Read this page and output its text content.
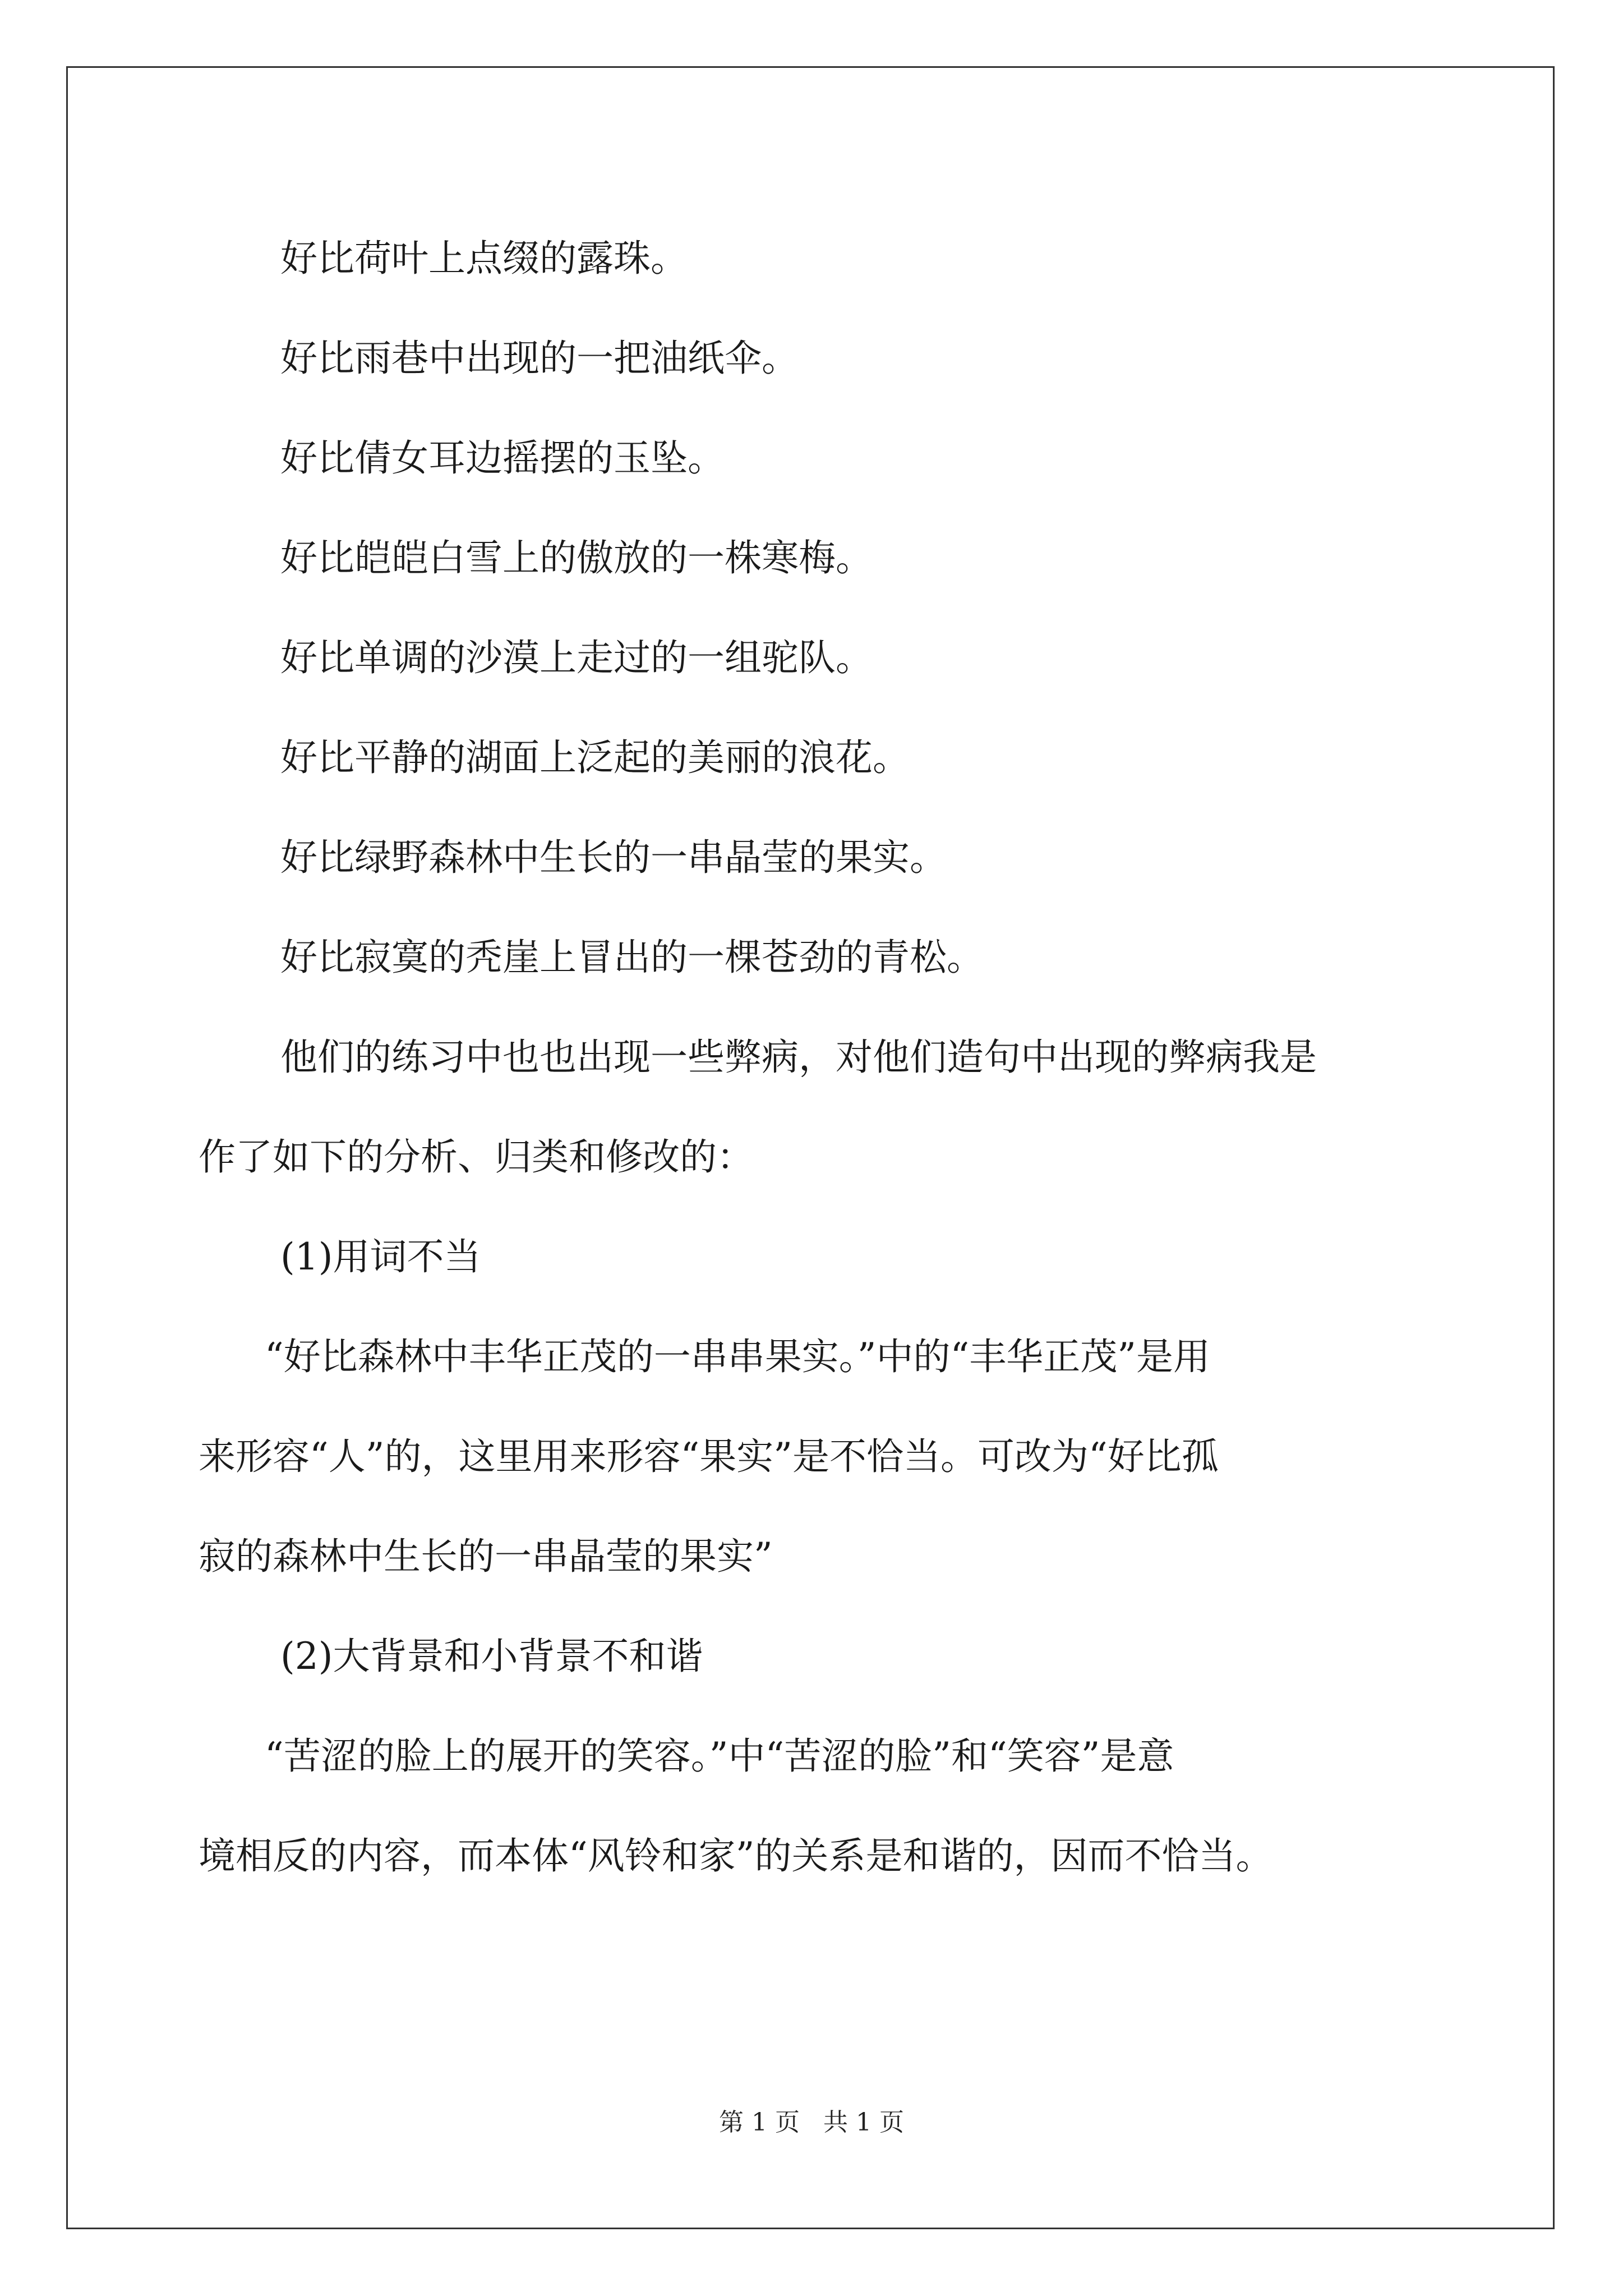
好比荷叶上点缀的露珠。

好比雨巷中出现的一把油纸伞。

好比倩女耳边摇摆的玉坠。

好比皑皑白雪上的傲放的一株寒梅。

好比单调的沙漠上走过的一组驼队。

好比平静的湖面上泛起的美丽的浪花。

好比绿野森林中生长的一串晶莹的果实。

好比寂寞的秃崖上冒出的一棵苍劲的青松。

他们的练习中也也出现一些弊病，对他们造句中出现的弊病我是

作了如下的分析、归类和修改的：

(1)用词不当

“好比森林中丰华正茂的一串串果实。”中的“丰华正茂”是用

来形容“人”的，这里用来形容“果实”是不恰当。可改为“好比孤

寂的森林中生长的一串晶莹的果实”

(2)大背景和小背景不和谐

“苦涩的脸上的展开的笑容。”中“苦涩的脸”和“笑容”是意

境相反的内容，而本体“风铃和家”的关系是和谐的，因而不恰当。

第 1 页 共 1 页
